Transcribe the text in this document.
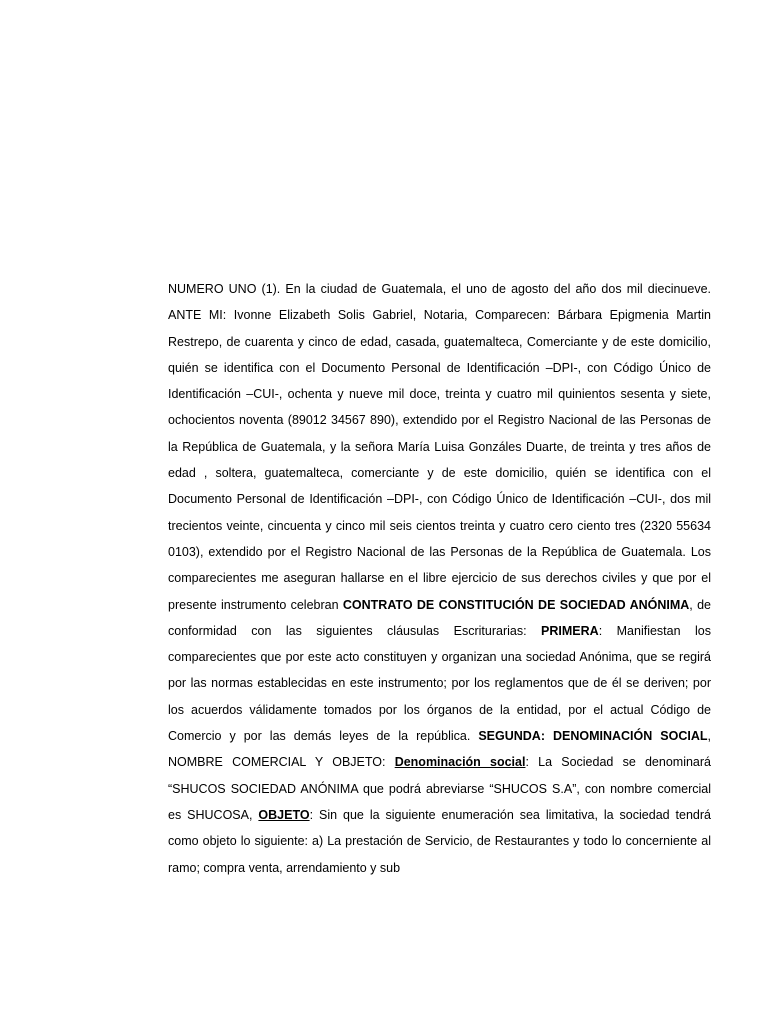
NUMERO UNO (1). En la ciudad de Guatemala, el uno de agosto del año dos mil diecinueve. ANTE MI: Ivonne Elizabeth Solis Gabriel, Notaria, Comparecen: Bárbara Epigmenia Martin Restrepo, de cuarenta y cinco de edad, casada, guatemalteca, Comerciante y de este domicilio, quién se identifica con el Documento Personal de Identificación –DPI-, con Código Único de Identificación –CUI-, ochenta y nueve mil doce, treinta y cuatro mil quinientos sesenta y siete, ochocientos noventa (89012 34567 890), extendido por el Registro Nacional de las Personas de la República de Guatemala, y la señora María Luisa Gonzáles Duarte, de treinta y tres años de edad , soltera, guatemalteca, comerciante y de este domicilio, quién se identifica con el Documento Personal de Identificación –DPI-, con Código Único de Identificación –CUI-, dos mil trecientos veinte, cincuenta y cinco mil seis cientos treinta y cuatro cero ciento tres (2320 55634 0103), extendido por el Registro Nacional de las Personas de la República de Guatemala. Los comparecientes me aseguran hallarse en el libre ejercicio de sus derechos civiles y que por el presente instrumento celebran CONTRATO DE CONSTITUCIÓN DE SOCIEDAD ANÓNIMA, de conformidad con las siguientes cláusulas Escriturarias: PRIMERA: Manifiestan los comparecientes que por este acto constituyen y organizan una sociedad Anónima, que se regirá por las normas establecidas en este instrumento; por los reglamentos que de él se deriven; por los acuerdos válidamente tomados por los órganos de la entidad, por el actual Código de Comercio y por las demás leyes de la república. SEGUNDA: DENOMINACIÓN SOCIAL, NOMBRE COMERCIAL Y OBJETO: Denominación social: La Sociedad se denominará “SHUCOS SOCIEDAD ANÓNIMA que podrá abreviarse “SHUCOS S.A”, con nombre comercial es SHUCOSA, OBJETO: Sin que la siguiente enumeración sea limitativa, la sociedad tendrá como objeto lo siguiente: a) La prestación de Servicio, de Restaurantes y todo lo concerniente al ramo; compra venta, arrendamiento y sub
